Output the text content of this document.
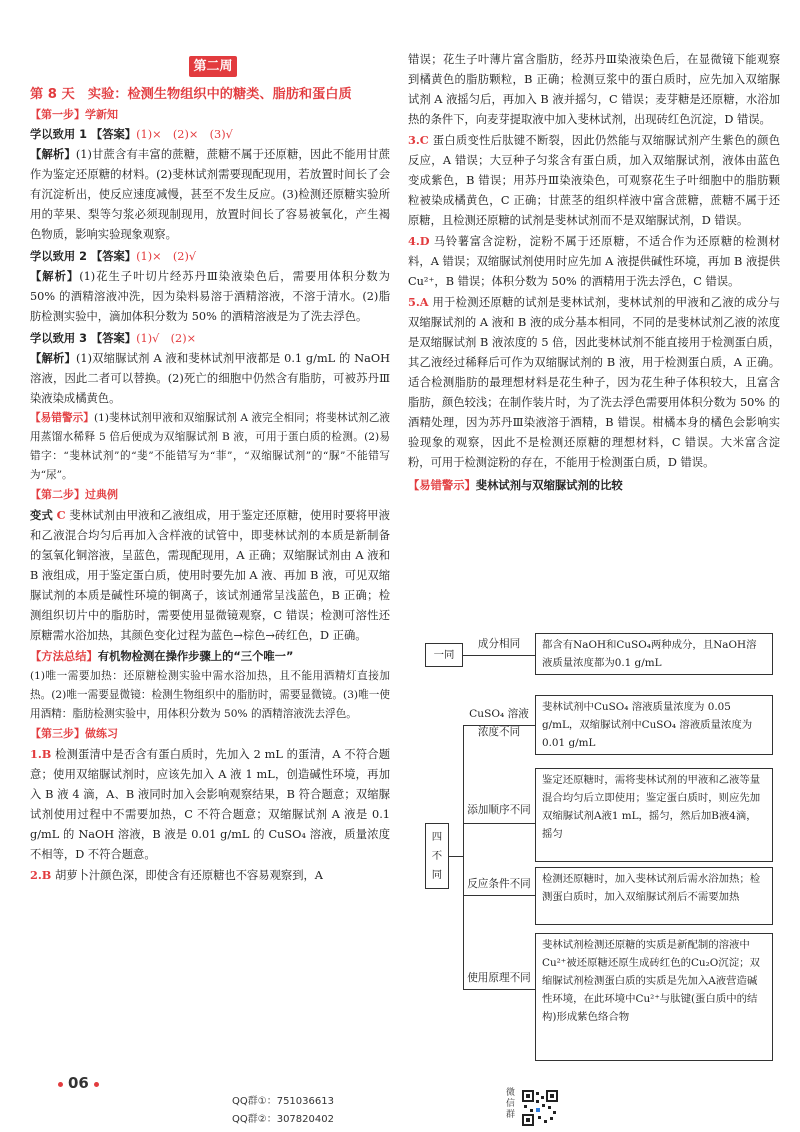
第二周
第 8 天　实验：检测生物组织中的糖类、脂肪和蛋白质

【第一步】学新知

学以致用 1 【答案】(1)×　(2)×　(3)√

【解析】(1)甘蔗含有丰富的蔗糖，蔗糖不属于还原糖，因此不能用甘蔗作为鉴定还原糖的材料。(2)斐林试剂需要现配现用，若放置时间长了会有沉淀析出，使反应速度减慢，甚至不发生反应。(3)检测还原糖实验所用的苹果、梨等匀浆必须现制现用，放置时间长了容易被氧化，产生褐色物质，影响实验现象观察。

学以致用 2 【答案】(1)×　(2)√

【解析】(1)花生子叶切片经苏丹Ⅲ染液染色后，需要用体积分数为 50% 的酒精溶液冲洗，因为染料易溶于酒精溶液，不溶于清水。(2)脂肪检测实验中，滴加体积分数为 50% 的酒精溶液是为了洗去浮色。

学以致用 3 【答案】(1)√　(2)×

【解析】(1)双缩脲试剂 A 液和斐林试剂甲液都是 0.1 g/mL 的 NaOH 溶液，因此二者可以替换。(2)死亡的细胞中仍然含有脂肪，可被苏丹Ⅲ染液染成橘黄色。

【易错警示】(1)斐林试剂甲液和双缩脲试剂 A 液完全相同；将斐林试剂乙液用蒸馏水稀释 5 倍后便成为双缩脲试剂 B 液，可用于蛋白质的检测。(2)易错字：“斐林试剂”的“斐”不能错写为“菲”，“双缩脲试剂”的“脲”不能错写为“尿”。

【第二步】过典例

变式 C 斐林试剂由甲液和乙液组成，用于鉴定还原糖，使用时要将甲液和乙液混合均匀后再加入含样液的试管中，即斐林试剂的本质是新制备的氢氧化铜溶液，呈蓝色，需现配现用，A 正确；双缩脲试剂由 A 液和 B 液组成，用于鉴定蛋白质，使用时要先加 A 液、再加 B 液，可见双缩脲试剂的本质是碱性环境的铜离子，该试剂通常呈浅蓝色，B 正确；检测组织切片中的脂肪时，需要使用显微镜观察，C 错误；检测可溶性还原糖需水浴加热，其颜色变化过程为蓝色→棕色→砖红色，D 正确。

【方法总结】有机物检测在操作步骤上的“三个唯一”

(1)唯一需要加热：还原糖检测实验中需水浴加热，且不能用酒精灯直接加热。(2)唯一需要显微镜：检测生物组织中的脂肪时，需要显微镜。(3)唯一使用酒精：脂肪检测实验中，用体积分数为 50% 的酒精溶液洗去浮色。

【第三步】做练习

1.B 检测蛋清中是否含有蛋白质时，先加入 2 mL 的蛋清，A 不符合题意；使用双缩脲试剂时，应该先加入 A 液 1 mL，创造碱性环境，再加入 B 液 4 滴，A、B 液同时加入会影响观察结果，B 符合题意；双缩脲试剂使用过程中不需要加热，C 不符合题意；双缩脲试剂 A 液是 0.1 g/mL 的 NaOH 溶液，B 液是 0.01 g/mL 的 CuSO₄ 溶液，质量浓度不相等，D 不符合题意。

2.B 胡萝卜汁颜色深，即使含有还原糖也不容易观察到，A

错误；花生子叶薄片富含脂肪，经苏丹Ⅲ染液染色后，在显微镜下能观察到橘黄色的脂肪颗粒，B 正确；检测豆浆中的蛋白质时，应先加入双缩脲试剂 A 液摇匀后，再加入 B 液并摇匀，C 错误；麦芽糖是还原糖，水浴加热的条件下，向麦芽提取液中加入斐林试剂，出现砖红色沉淀，D 错误。

3.C 蛋白质变性后肽键不断裂，因此仍然能与双缩脲试剂产生紫色的颜色反应，A 错误；大豆种子匀浆含有蛋白质，加入双缩脲试剂，液体由蓝色变成紫色，B 错误；用苏丹Ⅲ染液染色，可观察花生子叶细胞中的脂肪颗粒被染成橘黄色，C 正确；甘蔗茎的组织样液中富含蔗糖，蔗糖不属于还原糖，且检测还原糖的试剂是斐林试剂而不是双缩脲试剂，D 错误。

4.D 马铃薯富含淀粉，淀粉不属于还原糖，不适合作为还原糖的检测材料，A 错误；双缩脲试剂使用时应先加 A 液提供碱性环境，再加 B 液提供 Cu²⁺，B 错误；体积分数为 50% 的酒精用于洗去浮色，C 错误。

5.A 用于检测还原糖的试剂是斐林试剂，斐林试剂的甲液和乙液的成分与双缩脲试剂的 A 液和 B 液的成分基本相同，不同的是斐林试剂乙液的浓度是双缩脲试剂 B 液浓度的 5 倍，因此斐林试剂不能直接用于检测蛋白质，其乙液经过稀释后可作为双缩脲试剂的 B 液，用于检测蛋白质，A 正确。适合检测脂肪的最理想材料是花生种子，因为花生种子体积较大，且富含脂肪，颜色较浅；在制作装片时，为了洗去浮色需要用体积分数为 50% 的酒精处理，因为苏丹Ⅲ染液溶于酒精，B 错误。柑橘本身的橘色会影响实验现象的观察，因此不是检测还原糖的理想材料，C 错误。大米富含淀粉，可用于检测淀粉的存在，不能用于检测蛋白质，D 错误。

【易错警示】斐林试剂与双缩脲试剂的比较

一同
成分相同	都含有NaOH和CuSO₄两种成分，且NaOH溶液质量浓度都为0.1 g/mL
四不同
CuSO₄ 溶液浓度不同
斐林试剂中CuSO₄ 溶液质量浓度为 0.05 g/mL，双缩脲试剂中CuSO₄ 溶液质量浓度为 0.01 g/mL
添加顺序不同
鉴定还原糖时，需将斐林试剂的甲液和乙液等量混合均匀后立即使用；鉴定蛋白质时，则应先加双缩脲试剂A液1 mL，摇匀，然后加B液4滴，摇匀
反应条件不同	检测还原糖时，加入斐林试剂后需水浴加热；检测蛋白质时，加入双缩脲试剂后不需要加热
使用原理不同
斐林试剂检测还原糖的实质是新配制的溶液中Cu²⁺被还原糖还原生成砖红色的Cu₂O沉淀；双缩脲试剂检测蛋白质的实质是先加入A液营造碱性环境，在此环境中Cu²⁺与肽键(蛋白质中的结构)形成紫色络合物
06
QQ群①：751036613
QQ群②：307820402
微信群
